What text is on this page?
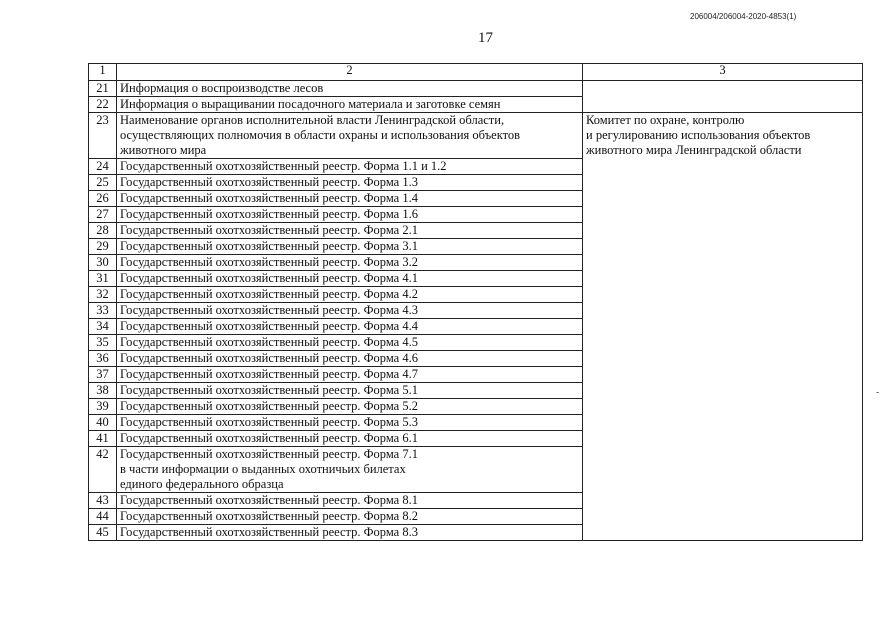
206004/206004-2020-4853(1)
17
-
1	2	3
21	Информация о воспроизводстве лесов	
22	Информация о выращивании посадочного материала и заготовке семян	
23	Наименование органов исполнительной власти Ленинградской области, осуществляющих полномочия в области охраны и использования объектов животного мира	Комитет по охране, контролю
и регулированию использования объектов
животного мира Ленинградской области
24	Государственный охотхозяйственный реестр. Форма 1.1 и 1.2	
25	Государственный охотхозяйственный реестр. Форма 1.3	
26	Государственный охотхозяйственный реестр. Форма 1.4	
27	Государственный охотхозяйственный реестр. Форма 1.6	
28	Государственный охотхозяйственный реестр. Форма 2.1	
29	Государственный охотхозяйственный реестр. Форма 3.1	
30	Государственный охотхозяйственный реестр. Форма 3.2	
31	Государственный охотхозяйственный реестр. Форма 4.1	
32	Государственный охотхозяйственный реестр. Форма 4.2	
33	Государственный охотхозяйственный реестр. Форма 4.3	
34	Государственный охотхозяйственный реестр. Форма 4.4	
35	Государственный охотхозяйственный реестр. Форма 4.5	
36	Государственный охотхозяйственный реестр. Форма 4.6	
37	Государственный охотхозяйственный реестр. Форма 4.7	
38	Государственный охотхозяйственный реестр. Форма 5.1	
39	Государственный охотхозяйственный реестр. Форма 5.2	
40	Государственный охотхозяйственный реестр. Форма 5.3	
41	Государственный охотхозяйственный реестр. Форма 6.1	
42	Государственный охотхозяйственный реестр. Форма 7.1
в части информации о выданных охотничьих билетах
единого федерального образца	
43	Государственный охотхозяйственный реестр. Форма 8.1	
44	Государственный охотхозяйственный реестр. Форма 8.2	
45	Государственный охотхозяйственный реестр. Форма 8.3	
